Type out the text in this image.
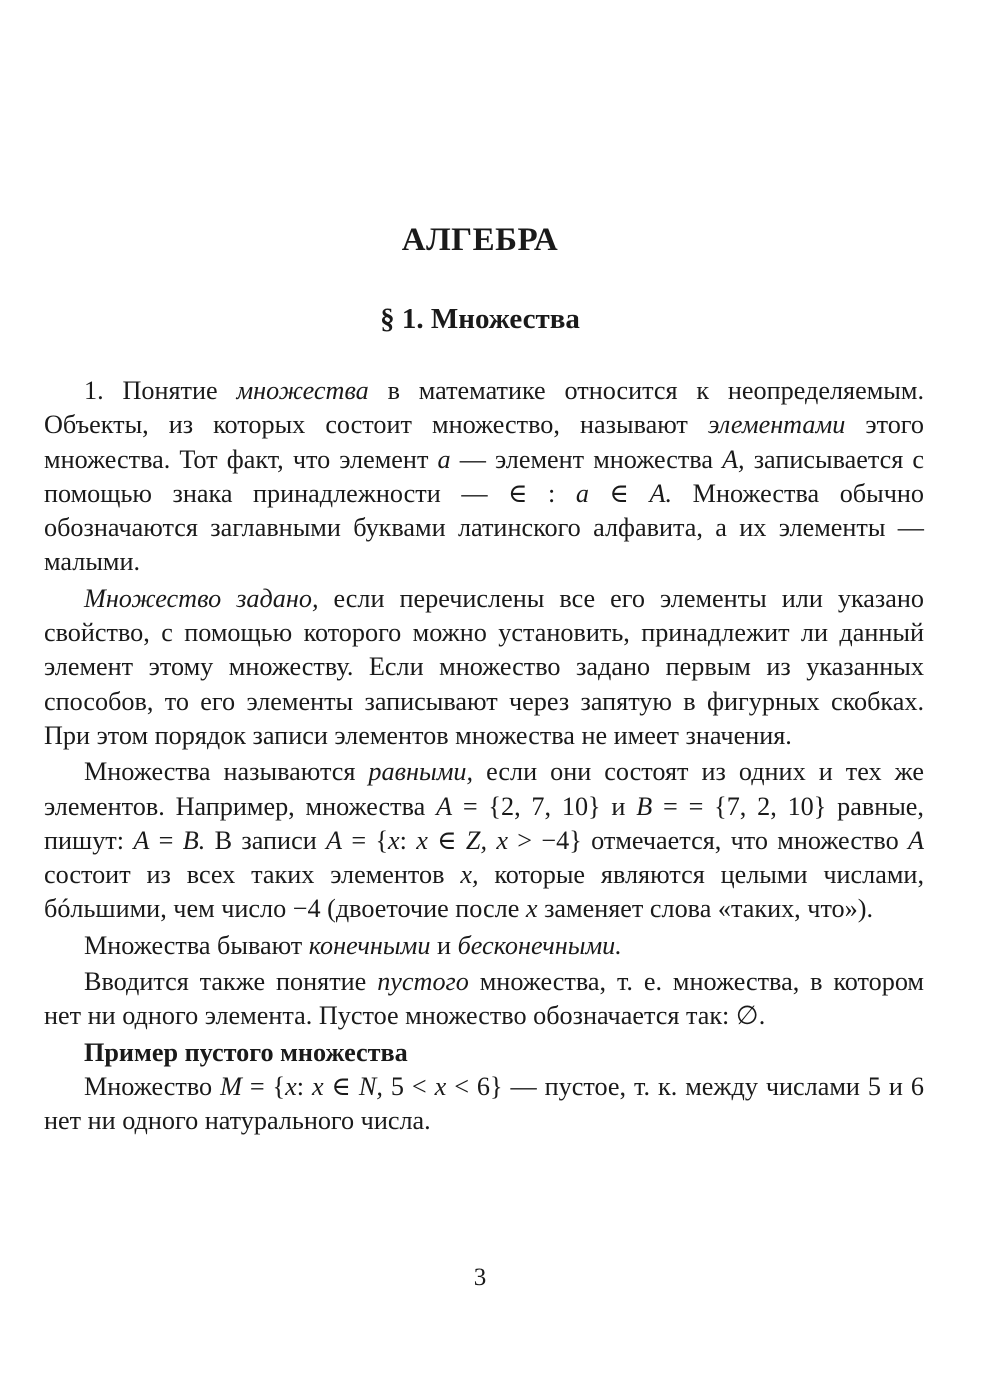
АЛГЕБРА
§ 1. Множества

1. Понятие множества в математике относится к неопределяемым. Объекты, из которых состоит множество, называют элементами этого множества. Тот факт, что элемент a — элемент множества A, записывается с помощью знака принадлежности — ∈ : a ∈ A. Множества обычно обозначаются заглавными буквами латинского алфавита, а их элементы — малыми.

Множество задано, если перечислены все его элементы или указано свойство, с помощью которого можно установить, принадлежит ли данный элемент этому множеству. Если множество задано первым из указанных способов, то его элементы записывают через запятую в фигурных скобках. При этом порядок записи элементов множества не имеет значения.

Множества называются равными, если они состоят из одних и тех же элементов. Например, множества A = {2, 7, 10} и B = = {7, 2, 10} равные, пишут: A = B. В записи A = {x: x ∈ Z, x > −4} отмечается, что множество A состоит из всех таких элементов x, которые являются целыми числами, бóльшими, чем число −4 (двоеточие после x заменяет слова «таких, что»).

Множества бывают конечными и бесконечными.

Вводится также понятие пустого множества, т. е. множества, в котором нет ни одного элемента. Пустое множество обозначается так: ∅.

Пример пустого множества

Множество M = {x: x ∈ N, 5 < x < 6} — пустое, т. к. между числами 5 и 6 нет ни одного натурального числа.

3
